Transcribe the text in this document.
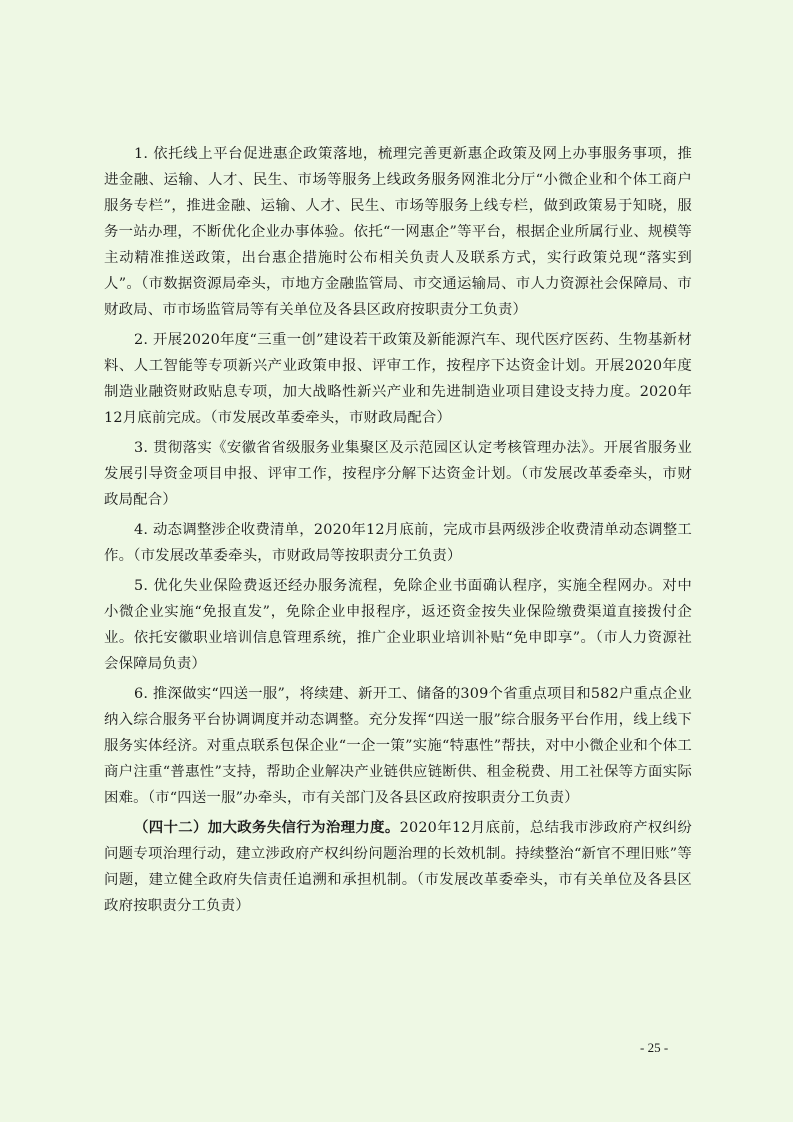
1. 依托线上平台促进惠企政策落地，梳理完善更新惠企政策及网上办事服务事项，推进金融、运输、人才、民生、市场等服务上线政务服务网淮北分厅“小微企业和个体工商户服务专栏”，推进金融、运输、人才、民生、市场等服务上线专栏，做到政策易于知晓，服务一站办理，不断优化企业办事体验。依托“一网惠企”等平台，根据企业所属行业、规模等主动精准推送政策，出台惠企措施时公布相关负责人及联系方式，实行政策兑现“落实到人”。（市数据资源局牵头，市地方金融监管局、市交通运输局、市人力资源社会保障局、市财政局、市市场监管局等有关单位及各县区政府按职责分工负责）

2. 开展2020年度“三重一创”建设若干政策及新能源汽车、现代医疗医药、生物基新材料、人工智能等专项新兴产业政策申报、评审工作，按程序下达资金计划。开展2020年度制造业融资财政贴息专项，加大战略性新兴产业和先进制造业项目建设支持力度。2020年12月底前完成。（市发展改革委牵头，市财政局配合）

3. 贯彻落实《安徽省省级服务业集聚区及示范园区认定考核管理办法》。开展省服务业发展引导资金项目申报、评审工作，按程序分解下达资金计划。（市发展改革委牵头，市财政局配合）

4. 动态调整涉企收费清单，2020年12月底前，完成市县两级涉企收费清单动态调整工作。（市发展改革委牵头，市财政局等按职责分工负责）

5. 优化失业保险费返还经办服务流程，免除企业书面确认程序，实施全程网办。对中小微企业实施“免报直发”，免除企业申报程序，返还资金按失业保险缴费渠道直接拨付企业。依托安徽职业培训信息管理系统，推广企业职业培训补贴“免申即享”。（市人力资源社会保障局负责）

6. 推深做实“四送一服”，将续建、新开工、储备的309个省重点项目和582户重点企业纳入综合服务平台协调调度并动态调整。充分发挥“四送一服”综合服务平台作用，线上线下服务实体经济。对重点联系包保企业“一企一策”实施“特惠性”帮扶，对中小微企业和个体工商户注重“普惠性”支持，帮助企业解决产业链供应链断供、租金税费、用工社保等方面实际困难。（市“四送一服”办牵头，市有关部门及各县区政府按职责分工负责）

（四十二）加大政务失信行为治理力度。2020年12月底前，总结我市涉政府产权纠纷问题专项治理行动，建立涉政府产权纠纷问题治理的长效机制。持续整治“新官不理旧账”等问题，建立健全政府失信责任追溯和承担机制。（市发展改革委牵头，市有关单位及各县区政府按职责分工负责）

- 25 -
